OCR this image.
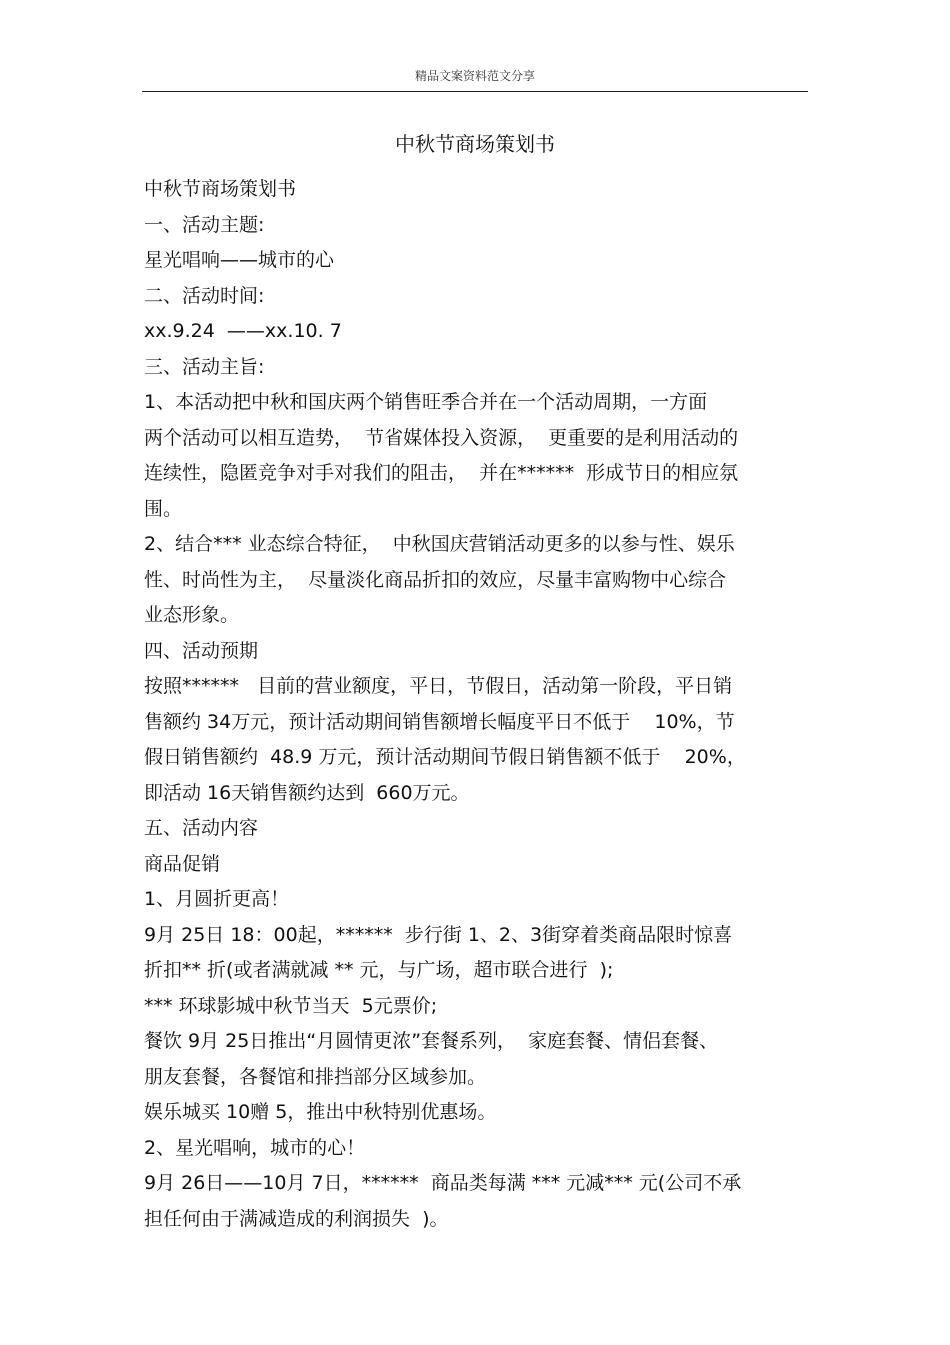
精品文案资料范文分享
中秋节商场策划书
中秋节商场策划书
一、活动主题:
星光唱响——城市的心
二、活动时间:
xx.9.24  ——xx.10. 7
三、活动主旨:
1、本活动把中秋和国庆两个销售旺季合并在一个活动周期，一方面
两个活动可以相互造势，  节省媒体投入资源，  更重要的是利用活动的
连续性，隐匿竞争对手对我们的阻击，  并在******  形成节日的相应氛
围。
2、结合*** 业态综合特征，  中秋国庆营销活动更多的以参与性、娱乐
性、时尚性为主，  尽量淡化商品折扣的效应，尽量丰富购物中心综合
业态形象。
四、活动预期
按照******   目前的营业额度，平日，节假日，活动第一阶段，平日销
售额约 34万元，预计活动期间销售额增长幅度平日不低于    10%，节
假日销售额约  48.9 万元，预计活动期间节假日销售额不低于    20%，
即活动 16天销售额约达到  660万元。
五、活动内容
商品促销
1、月圆折更高！
9月 25日 18：00起，******  步行街 1、2、3街穿着类商品限时惊喜
折扣** 折(或者满就减 ** 元，与广场，超市联合进行  );
*** 环球影城中秋节当天  5元票价;
餐饮 9月 25日推出“月圆情更浓”套餐系列，  家庭套餐、情侣套餐、
朋友套餐，各餐馆和排挡部分区域参加。
娱乐城买 10赠 5，推出中秋特别优惠场。
2、星光唱响，城市的心！
9月 26日——10月 7日，******  商品类每满 *** 元减*** 元(公司不承
担任何由于满减造成的利润损失  )。
